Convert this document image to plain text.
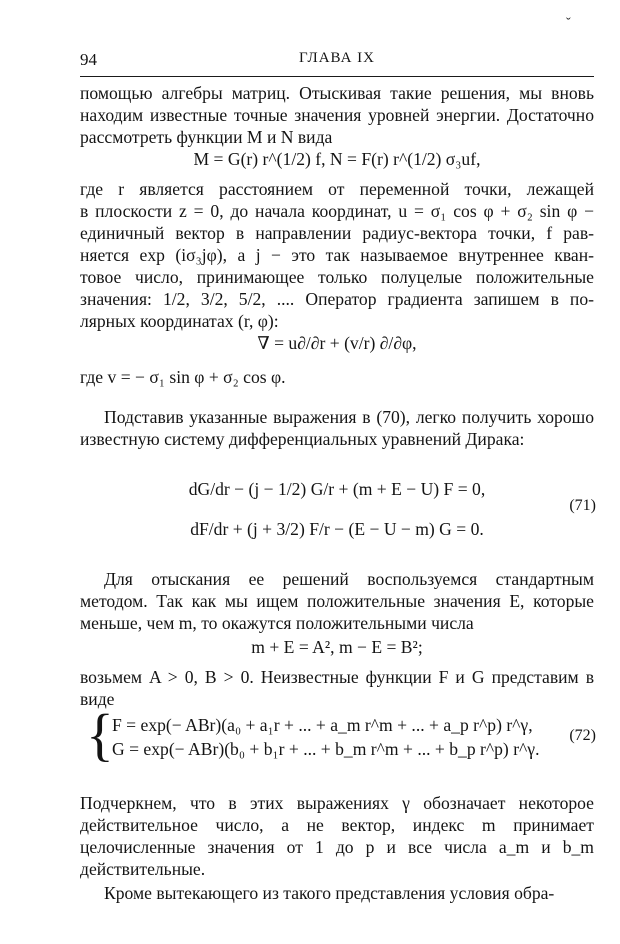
ˇ
94	ГЛАВА IX

помощью алгебры матриц. Отыскивая такие решения, мы вновь находим известные точные значения уровней энергии. Достаточно рассмотреть функции M и N вида

M = G(r) r^(1/2) f, N = F(r) r^(1/2) σ₃uf,
где r является расстоянием от переменной точки, лежащей
в плоскости z = 0, до начала координат, u = σ₁ cos φ + σ₂ sin φ −
единичный вектор в направлении радиус-вектора точки, f рав-
няется exp (iσ₃jφ), а j − это так называемое внутреннее кван-
товое число, принимающее только полуцелые положительные
значения: 1/2, 3/2, 5/2, .... Оператор градиента запишем в по-
лярных координатах (r, φ):
∇ = u∂/∂r + (v/r) ∂/∂φ,
где v = − σ₁ sin φ + σ₂ cos φ.

Подставив указанные выражения в (70), легко получить хорошо известную систему дифференциальных уравнений Дирака:

dG/dr − (j − 1/2) G/r + (m + E − U) F = 0,
dF/dr + (j + 3/2) F/r − (E − U − m) G = 0.
(71)

Для отыскания ее решений воспользуемся стандартным методом. Так как мы ищем положительные значения E, которые меньше, чем m, то окажутся положительными числа

m + E = A², m − E = B²;

возьмем A > 0, B > 0. Неизвестные функции F и G представим в виде

{
F = exp(− ABr)(a₀ + a₁r + ... + a_m r^m + ... + a_p r^p) r^γ,
G = exp(− ABr)(b₀ + b₁r + ... + b_m r^m + ... + b_p r^p) r^γ.
(72)

Подчеркнем, что в этих выражениях γ обозначает некоторое действительное число, а не вектор, индекс m принимает целочисленные значения от 1 до p и все числа a_m и b_m действительные.

Кроме вытекающего из такого представления условия обра-
